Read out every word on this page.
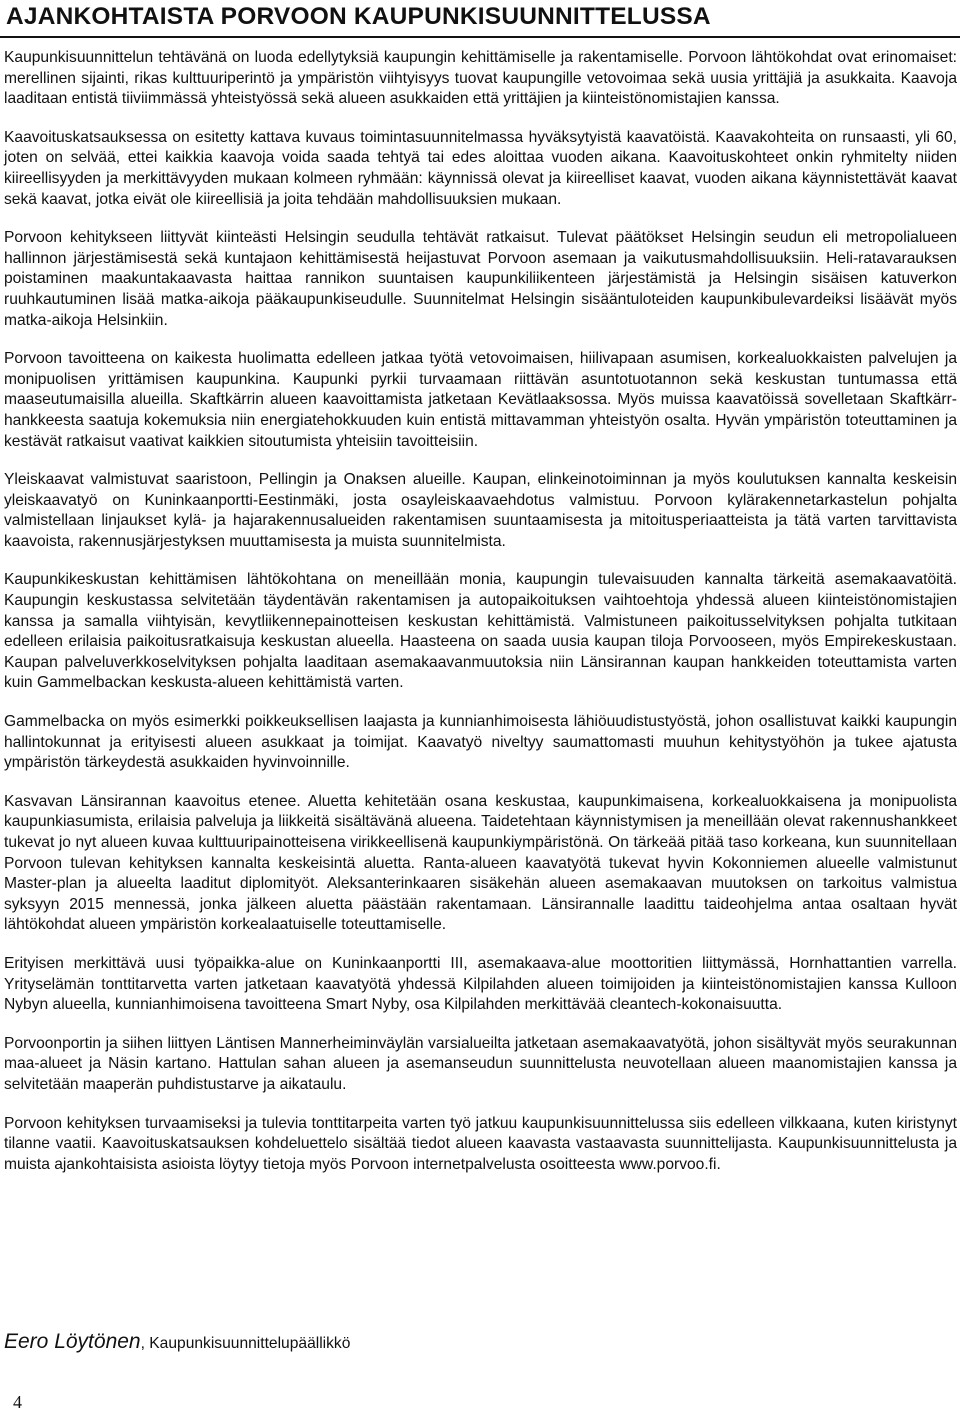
AJANKOHTAISTA PORVOON KAUPUNKISUUNNITTELUSSA

Kaupunkisuunnittelun tehtävänä on luoda edellytyksiä kaupungin kehittämiselle ja rakentamiselle. Porvoon lähtökohdat ovat erinomaiset: merellinen sijainti, rikas kulttuuriperintö ja ympäristön viihtyisyys tuovat kaupungille vetovoimaa sekä uusia yrittäjiä ja asukkaita. Kaavoja laaditaan entistä tiiviimmässä yhteistyössä sekä alueen asukkaiden että yrittäjien ja kiinteistönomistajien kanssa.

Kaavoituskatsauksessa on esitetty kattava kuvaus toimintasuunnitelmassa hyväksytyistä kaavatöistä. Kaavakohteita on runsaasti, yli 60, joten on selvää, ettei kaikkia kaavoja voida saada tehtyä tai edes aloittaa vuoden aikana. Kaavoituskohteet onkin ryhmitelty niiden kiireellisyyden ja merkittävyyden mukaan kolmeen ryhmään: käynnissä olevat ja kiireelliset kaavat, vuoden aikana käynnistettävät kaavat sekä kaavat, jotka eivät ole kiireellisiä ja joita tehdään mahdollisuuksien mukaan.

Porvoon kehitykseen liittyvät kiinteästi Helsingin seudulla tehtävät ratkaisut. Tulevat päätökset Helsingin seudun eli metropolialueen hallinnon järjestämisestä sekä kuntajaon kehittämisestä heijastuvat Porvoon asemaan ja vaikutusmahdollisuuksiin. Heli-ratavarauksen poistaminen maakuntakaavasta haittaa rannikon suuntaisen kaupunkiliikenteen järjestämistä ja Helsingin sisäisen katuverkon ruuhkautuminen lisää matka-aikoja pääkaupunkiseudulle. Suunnitelmat Helsingin sisääntuloteiden kaupunkibulevardeiksi lisäävät myös matka-aikoja Helsinkiin.

Porvoon tavoitteena on kaikesta huolimatta edelleen jatkaa työtä vetovoimaisen, hiilivapaan asumisen, korkealuokkaisten palvelujen ja monipuolisen yrittämisen kaupunkina. Kaupunki pyrkii turvaamaan riittävän asuntotuotannon sekä keskustan tuntumassa että maaseutumaisilla alueilla. Skaftkärrin alueen kaavoittamista jatketaan Kevätlaaksossa. Myös muissa kaavatöissä sovelletaan Skaftkärr-hankkeesta saatuja kokemuksia niin energiatehokkuuden kuin entistä mittavamman yhteistyön osalta. Hyvän ympäristön toteuttaminen ja kestävät ratkaisut vaativat kaikkien sitoutumista yhteisiin tavoitteisiin.

Yleiskaavat valmistuvat saaristoon, Pellingin ja Onaksen alueille. Kaupan, elinkeinotoiminnan ja myös koulutuksen kannalta keskeisin yleiskaavatyö on Kuninkaanportti-Eestinmäki, josta osayleiskaavaehdotus valmistuu. Porvoon kylärakennetarkastelun pohjalta valmistellaan linjaukset kylä- ja hajarakennusalueiden rakentamisen suuntaamisesta ja mitoitusperiaatteista ja tätä varten tarvittavista kaavoista, rakennusjärjestyksen muuttamisesta ja muista suunnitelmista.

Kaupunkikeskustan kehittämisen lähtökohtana on meneillään monia, kaupungin tulevaisuuden kannalta tärkeitä asemakaavatöitä. Kaupungin keskustassa selvitetään täydentävän rakentamisen ja autopaikoituksen vaihtoehtoja yhdessä alueen kiinteistönomistajien kanssa ja samalla viihtyisän, kevytliikennepainotteisen keskustan kehittämistä. Valmistuneen paikoitusselvityksen pohjalta tutkitaan edelleen erilaisia paikoitusratkaisuja keskustan alueella. Haasteena on saada uusia kaupan tiloja Porvooseen, myös Empirekeskustaan. Kaupan palveluverkkoselvityksen pohjalta laaditaan asemakaavanmuutoksia niin Länsirannan kaupan hankkeiden toteuttamista varten kuin Gammelbackan keskusta-alueen kehittämistä varten.

Gammelbacka on myös esimerkki poikkeuksellisen laajasta ja kunnianhimoisesta lähiöuudistustyöstä, johon osallistuvat kaikki kaupungin hallintokunnat ja erityisesti alueen asukkaat ja toimijat. Kaavatyö niveltyy saumattomasti muuhun kehitystyöhön ja tukee ajatusta ympäristön tärkeydestä asukkaiden hyvinvoinnille.

Kasvavan Länsirannan kaavoitus etenee. Aluetta kehitetään osana keskustaa, kaupunkimaisena, korkealuokkaisena ja monipuolista kaupunkiasumista, erilaisia palveluja ja liikkeitä sisältävänä alueena. Taidetehtaan käynnistymisen ja meneillään olevat rakennushankkeet tukevat jo nyt alueen kuvaa kulttuuripainotteisena virikkeellisenä kaupunkiympäristönä. On tärkeää pitää taso korkeana, kun suunnitellaan Porvoon tulevan kehityksen kannalta keskeisintä aluetta. Ranta-alueen kaavatyötä tukevat hyvin Kokonniemen alueelle valmistunut Master-plan ja alueelta laaditut diplomityöt. Aleksanterinkaaren sisäkehän alueen asemakaavan muutoksen on tarkoitus valmistua syksyyn 2015 mennessä, jonka jälkeen aluetta päästään rakentamaan. Länsirannalle laadittu taideohjelma antaa osaltaan hyvät lähtökohdat alueen ympäristön korkealaatuiselle toteuttamiselle.

Erityisen merkittävä uusi työpaikka-alue on Kuninkaanportti III, asemakaava-alue moottoritien liittymässä, Hornhattantien varrella. Yrityselämän tonttitarvetta varten jatketaan kaavatyötä yhdessä Kilpilahden alueen toimijoiden ja kiinteistönomistajien kanssa Kulloon Nybyn alueella, kunnianhimoisena tavoitteena Smart Nyby, osa Kilpilahden merkittävää cleantech-kokonaisuutta.

Porvoonportin ja siihen liittyen Läntisen Mannerheiminväylän varsialueilta jatketaan asemakaavatyötä, johon sisältyvät myös seurakunnan maa-alueet ja Näsin kartano. Hattulan sahan alueen ja asemanseudun suunnittelusta neuvotellaan alueen maanomistajien kanssa ja selvitetään maaperän puhdistustarve ja aikataulu.

Porvoon kehityksen turvaamiseksi ja tulevia tonttitarpeita varten työ jatkuu kaupunkisuunnittelussa siis edelleen vilkkaana, kuten kiristynyt tilanne vaatii. Kaavoituskatsauksen kohdeluettelo sisältää tiedot alueen kaavasta vastaavasta suunnittelijasta. Kaupunkisuunnittelusta ja muista ajankohtaisista asioista löytyy tietoja myös Porvoon internetpalvelusta osoitteesta www.porvoo.fi.

Eero Löytönen, Kaupunkisuunnittelupäällikkö
4
